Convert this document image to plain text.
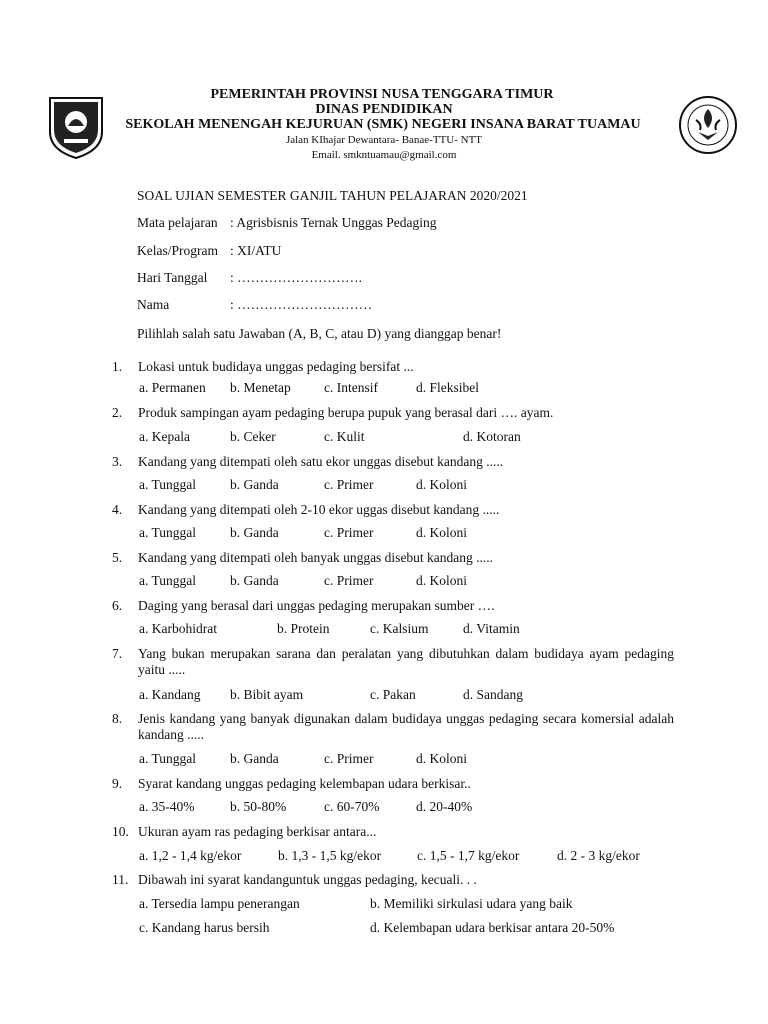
PEMERINTAH PROVINSI NUSA TENGGARA TIMUR
DINAS PENDIDIKAN
SEKOLAH MENENGAH KEJURUAN (SMK) NEGERI INSANA BARAT TUAMAU
Jalan KIhajar Dewantara- Banae-TTU- NTT
Email. smkntuamau@gmail.com
SOAL UJIAN SEMESTER GANJIL TAHUN PELAJARAN 2020/2021
Mata pelajaran : Agrisbisnis Ternak Unggas Pedaging
Kelas/Program : XI/ATU
Hari Tanggal : ……………………….
Nama	: …………………………
Pilihlah salah satu Jawaban (A, B, C, atau D) yang dianggap benar!
1. Lokasi untuk budidaya unggas pedaging bersifat ...
a. Permanen b. Menetap c. Intensif	d. Fleksibel
2. Produk sampingan ayam pedaging berupa pupuk yang berasal dari …. ayam.
a. Kepala	b. Ceker	c. Kulit	d. Kotoran
3. Kandang yang ditempati oleh satu ekor unggas disebut kandang .....
a. Tunggal	b. Ganda	c. Primer	d. Koloni
4. Kandang yang ditempati oleh 2-10 ekor uggas disebut kandang .....
a. Tunggal	b. Ganda	c. Primer	d. Koloni
5. Kandang yang ditempati oleh banyak unggas disebut kandang .....
a. Tunggal	b. Ganda	c. Primer	d. Koloni
6. Daging yang berasal dari unggas pedaging merupakan sumber ….
a. Karbohidrat	b. Protein	c. Kalsium	d. Vitamin
7. Yang bukan merupakan sarana dan peralatan yang dibutuhkan dalam budidaya ayam pedaging yaitu .....
a. Kandang b. Bibit ayam	c. Pakan	d. Sandang
8. Jenis kandang yang banyak digunakan dalam budidaya unggas pedaging secara komersial adalah kandang .....
a. Tunggal	b. Ganda	c. Primer	d. Koloni
9. Syarat kandang unggas pedaging kelembapan udara berkisar..
a. 35-40%	b. 50-80%	c. 60-70%	d. 20-40%
10. Ukuran ayam ras pedaging berkisar antara...
a. 1,2 - 1,4 kg/ekor	b. 1,3 - 1,5 kg/ekor	c. 1,5 - 1,7 kg/ekor	d. 2 - 3 kg/ekor
11. Dibawah ini syarat kandanguntuk unggas pedaging, kecuali. . .
a. Tersedia lampu penerangan	b. Memiliki sirkulasi udara yang baik
c. Kandang harus bersih	d. Kelembapan udara berkisar antara 20-50%
